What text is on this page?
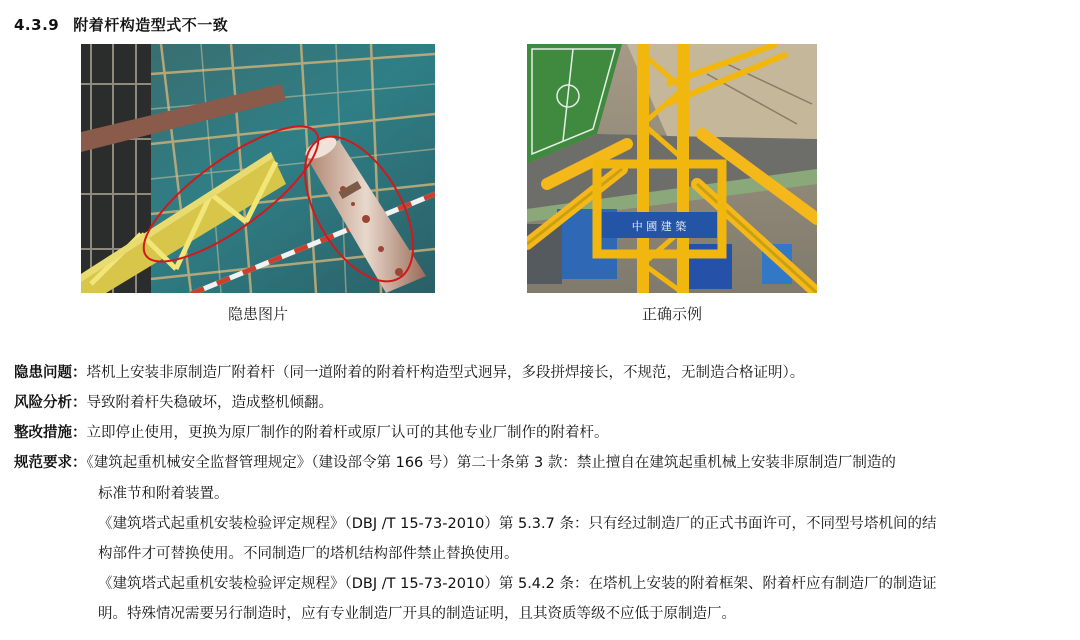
4.3.9 附着杆构造型式不一致
中 國 建 築
隐患图片	正确示例
隐患问题：塔机上安装非原制造厂附着杆（同一道附着的附着杆构造型式迥异，多段拼焊接长，不规范，无制造合格证明）。
风险分析：导致附着杆失稳破坏，造成整机倾翻。
整改措施：立即停止使用，更换为原厂制作的附着杆或原厂认可的其他专业厂制作的附着杆。
规范要求：《建筑起重机械安全监督管理规定》（建设部令第 166 号）第二十条第 3 款：禁止擅自在建筑起重机械上安装非原制造厂制造的
标准节和附着装置。
《建筑塔式起重机安装检验评定规程》（DBJ /T 15-73-2010）第 5.3.7 条：只有经过制造厂的正式书面许可，不同型号塔机间的结
构部件才可替换使用。不同制造厂的塔机结构部件禁止替换使用。
《建筑塔式起重机安装检验评定规程》（DBJ /T 15-73-2010）第 5.4.2 条：在塔机上安装的附着框架、附着杆应有制造厂的制造证
明。特殊情况需要另行制造时，应有专业制造厂开具的制造证明，且其资质等级不应低于原制造厂。
